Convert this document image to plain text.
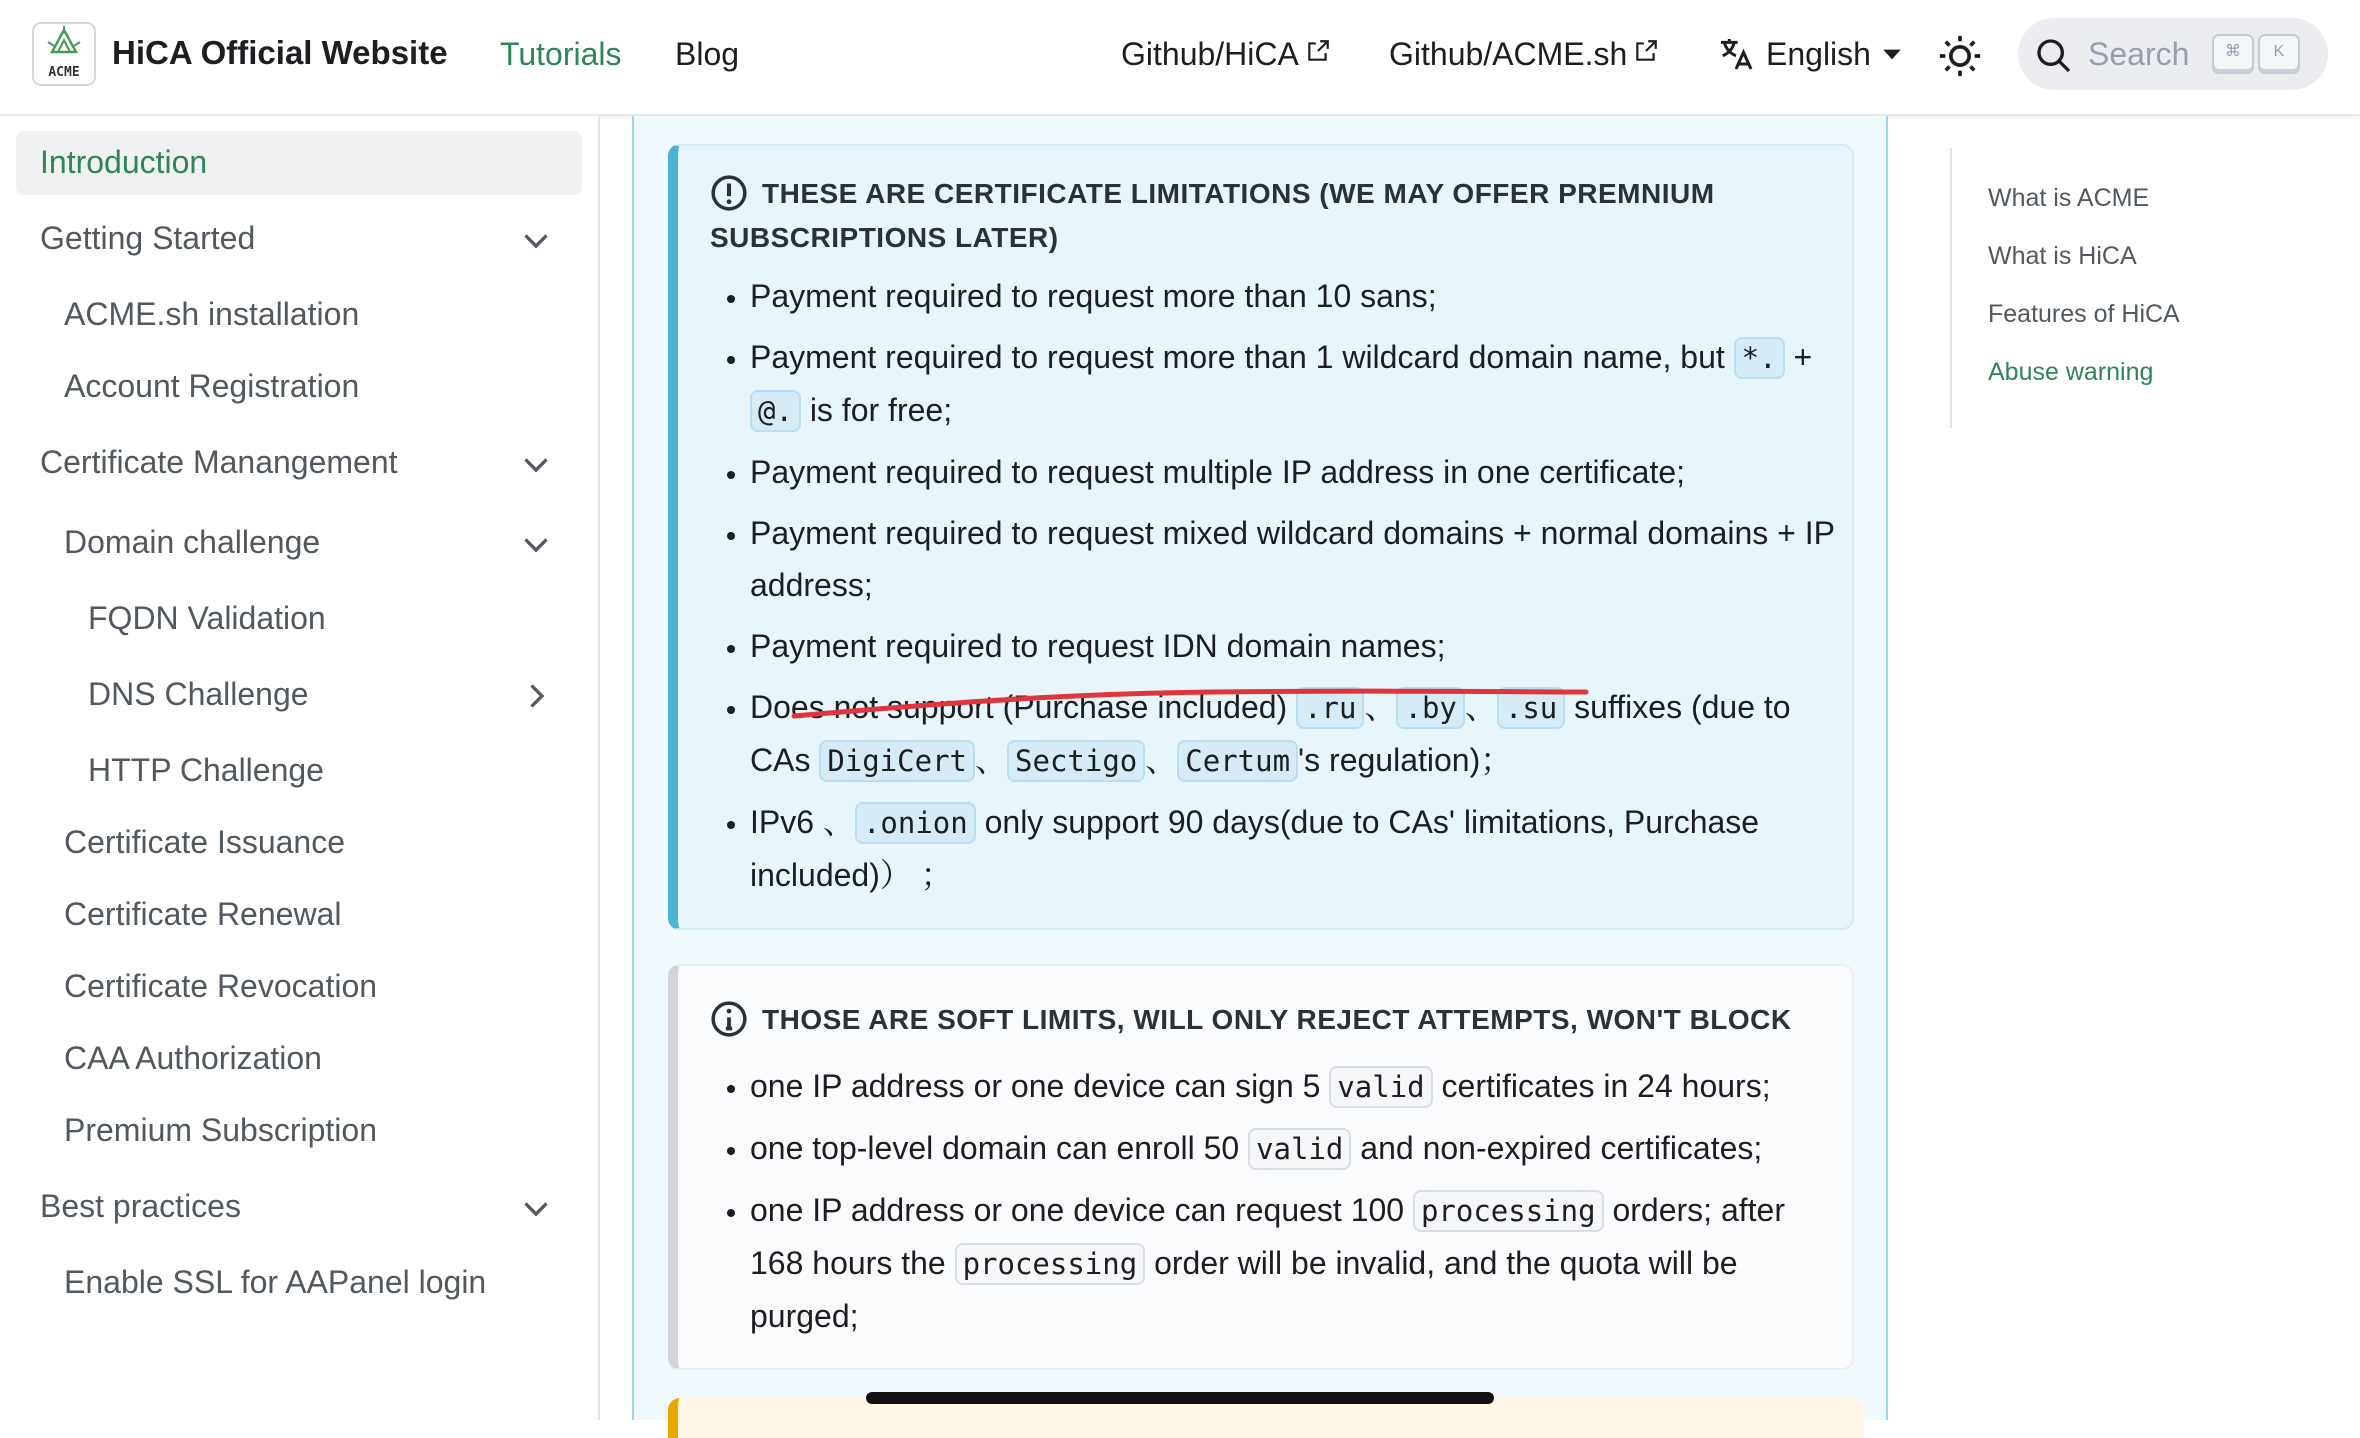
ACME
HiCA Official Website Tutorials Blog	Github/HiCA	Github/ACME.sh	English	Search	⌘	K
Introduction
Getting Started
ACME.sh installation
Account Registration
Certificate Manangement
Domain challenge
FQDN Validation
DNS Challenge
HTTP Challenge
Certificate Issuance
Certificate Renewal
Certificate Revocation
CAA Authorization
Premium Subscription
Best practices
Enable SSL for AAPanel login
THESE ARE CERTIFICATE LIMITATIONS (WE MAY OFFER PREMNIUM
SUBSCRIPTIONS LATER)
• Payment required to request more than 10 sans;
• Payment required to request more than 1 wildcard domain name, but *. + @. is for free;
• Payment required to request multiple IP address in one certificate;
• Payment required to request mixed wildcard domains + normal domains + IP address;
• Payment required to request IDN domain names;
• Does not support (Purchase included) .ru 、 .by 、 .su suffixes (due to CAs DigiCert 、 Sectigo 、 Certum 's regulation)；
• IPv6 、 .onion only support 90 days(due to CAs' limitations, Purchase included)） ；
THOSE ARE SOFT LIMITS, WILL ONLY REJECT ATTEMPTS, WON'T BLOCK
• one IP address or one device can sign 5 valid certificates in 24 hours;
• one top-level domain can enroll 50 valid and non-expired certificates;
• one IP address or one device can request 100 processing orders; after 168 hours the processing order will be invalid, and the quota will be purged;
What is ACME
What is HiCA
Features of HiCA
Abuse warning
